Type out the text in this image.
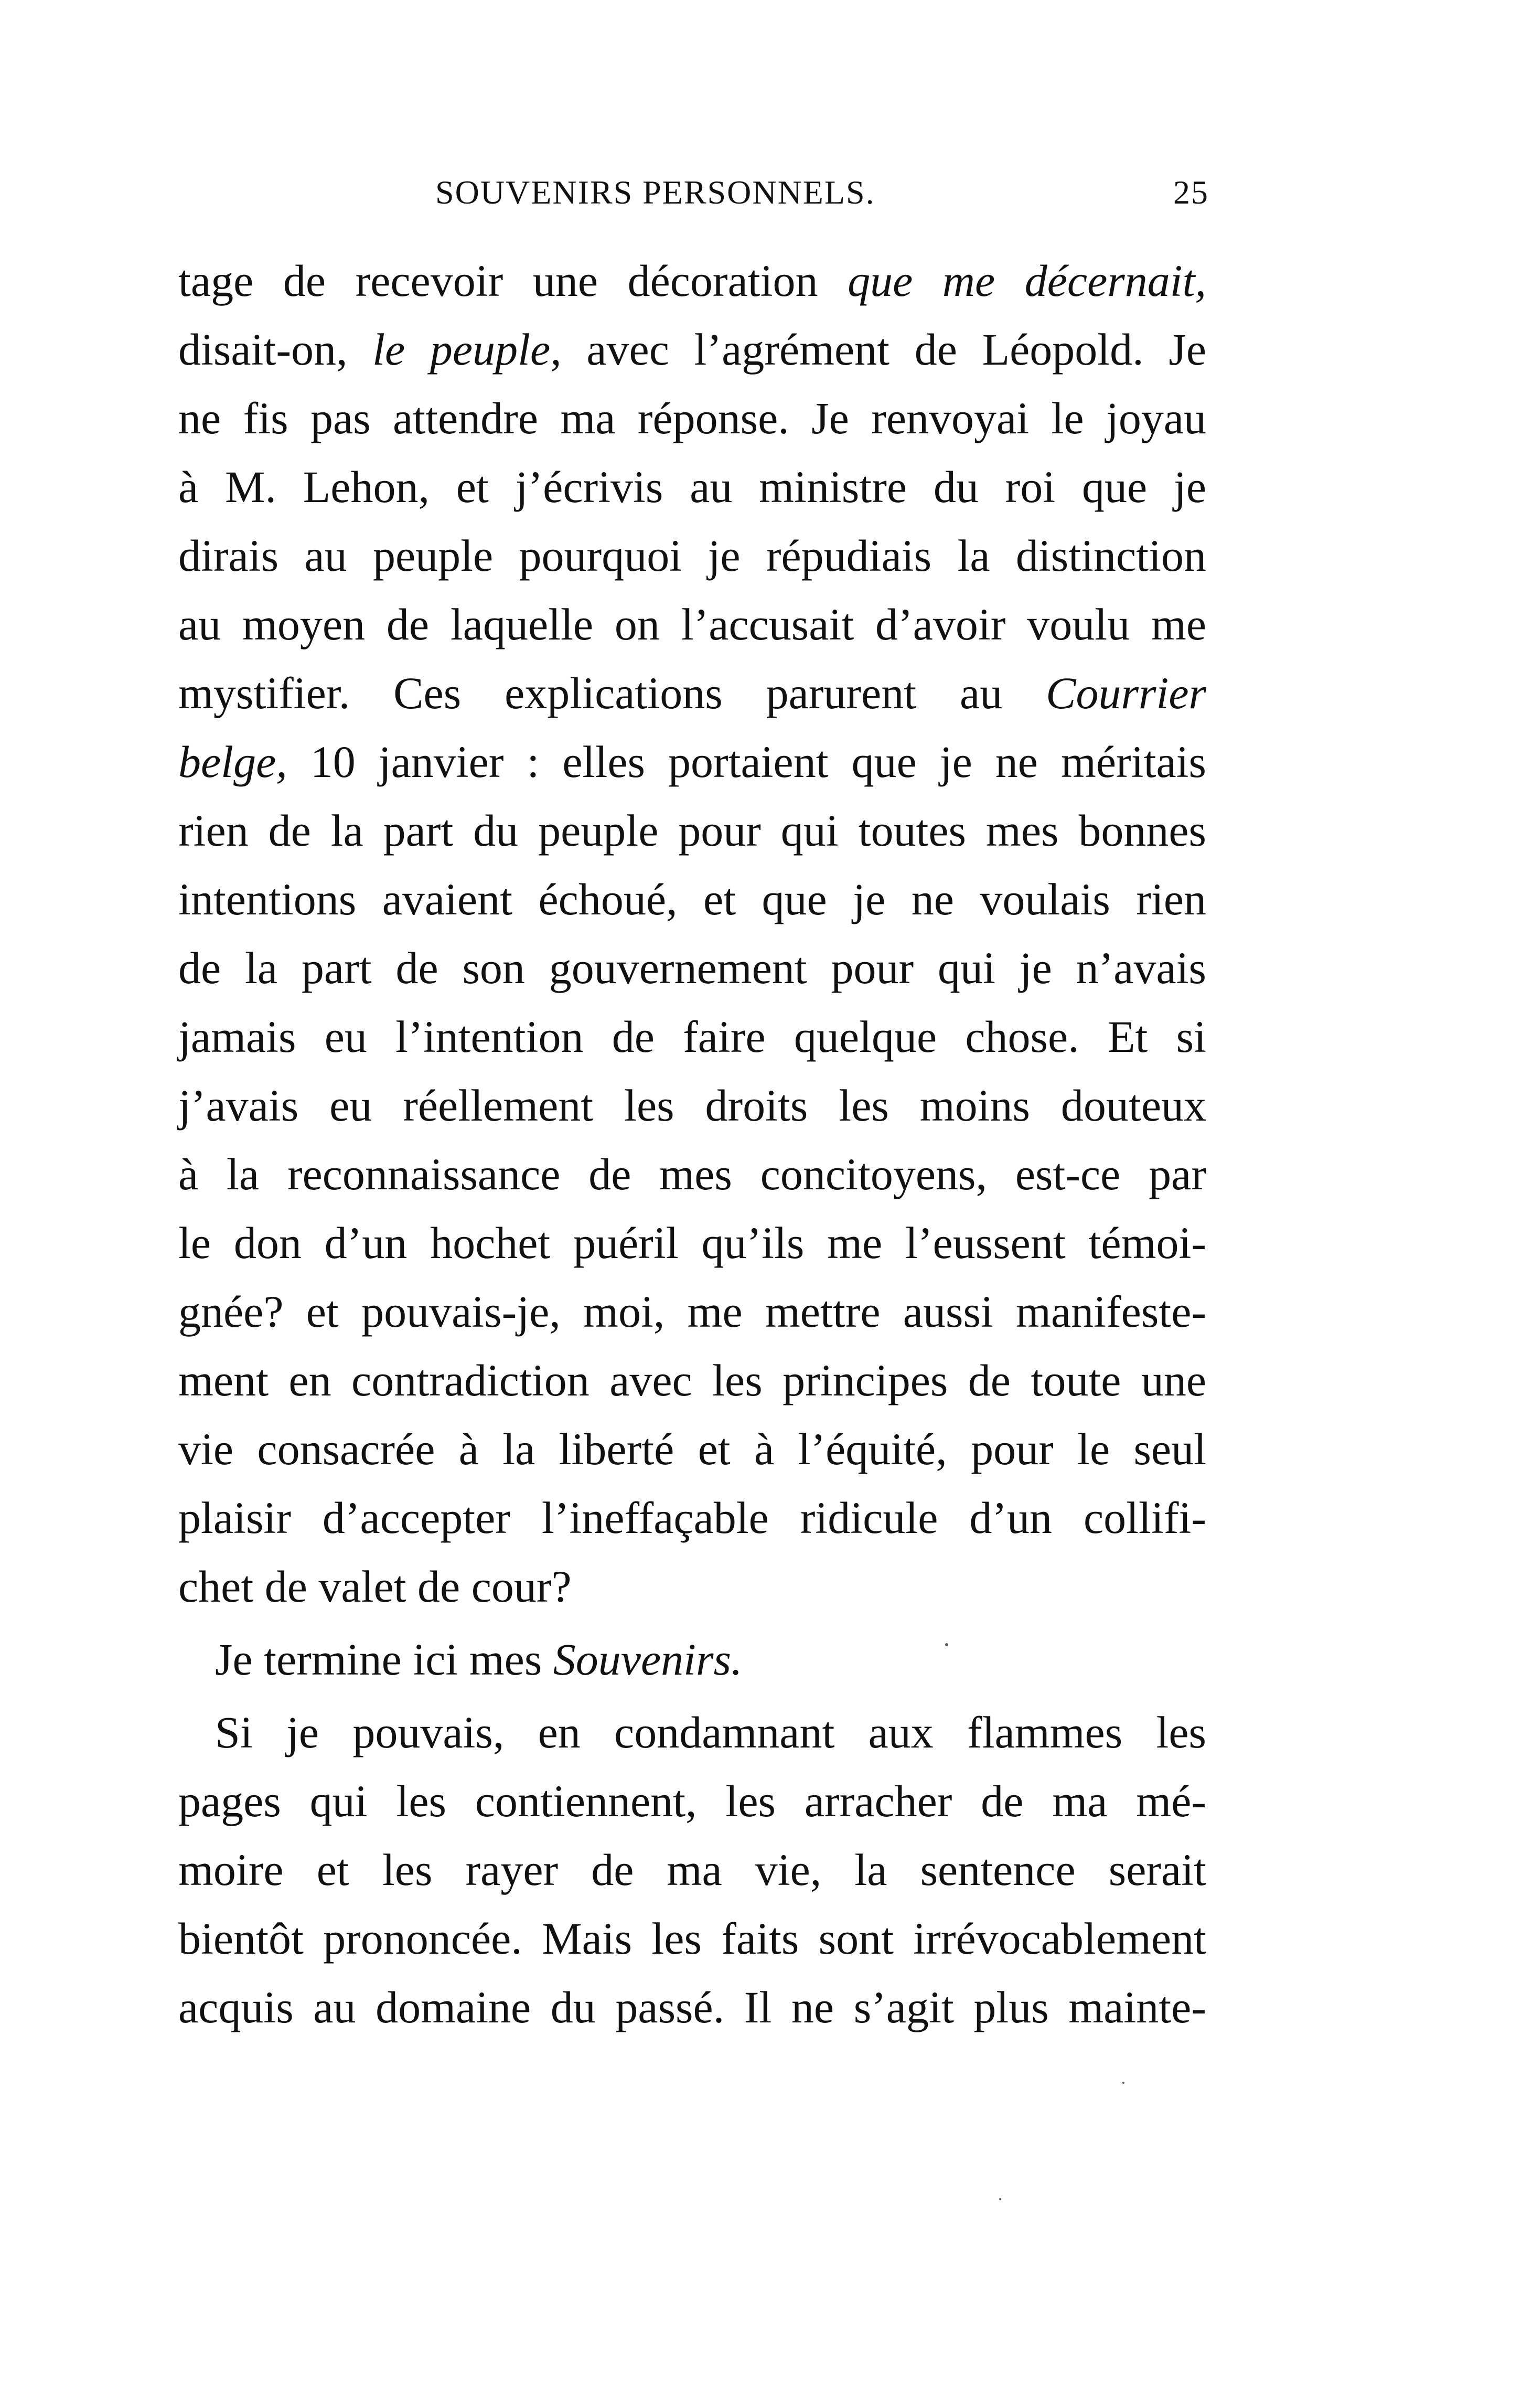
SOUVENIRS PERSONNELS.	25
tage de recevoir une décoration que me décernait,
disait-on, le peuple, avec l’agrément de Léopold. Je
ne fis pas attendre ma réponse. Je renvoyai le joyau
à M. Lehon, et j’écrivis au ministre du roi que je
dirais au peuple pourquoi je répudiais la distinction
au moyen de laquelle on l’accusait d’avoir voulu me
mystifier. Ces explications parurent au Courrier
belge, 10 janvier : elles portaient que je ne méritais
rien de la part du peuple pour qui toutes mes bonnes
intentions avaient échoué, et que je ne voulais rien
de la part de son gouvernement pour qui je n’avais
jamais eu l’intention de faire quelque chose. Et si
j’avais eu réellement les droits les moins douteux
à la reconnaissance de mes concitoyens, est-ce par
le don d’un hochet puéril qu’ils me l’eussent témoi-
gnée? et pouvais-je, moi, me mettre aussi manifeste-
ment en contradiction avec les principes de toute une
vie consacrée à la liberté et à l’équité, pour le seul
plaisir d’accepter l’ineffaçable ridicule d’un collifi-
chet de valet de cour?
Je termine ici mes Souvenirs.
Si je pouvais, en condamnant aux flammes les
pages qui les contiennent, les arracher de ma mé-
moire et les rayer de ma vie, la sentence serait
bientôt prononcée. Mais les faits sont irrévocablement
acquis au domaine du passé. Il ne s’agit plus mainte-
